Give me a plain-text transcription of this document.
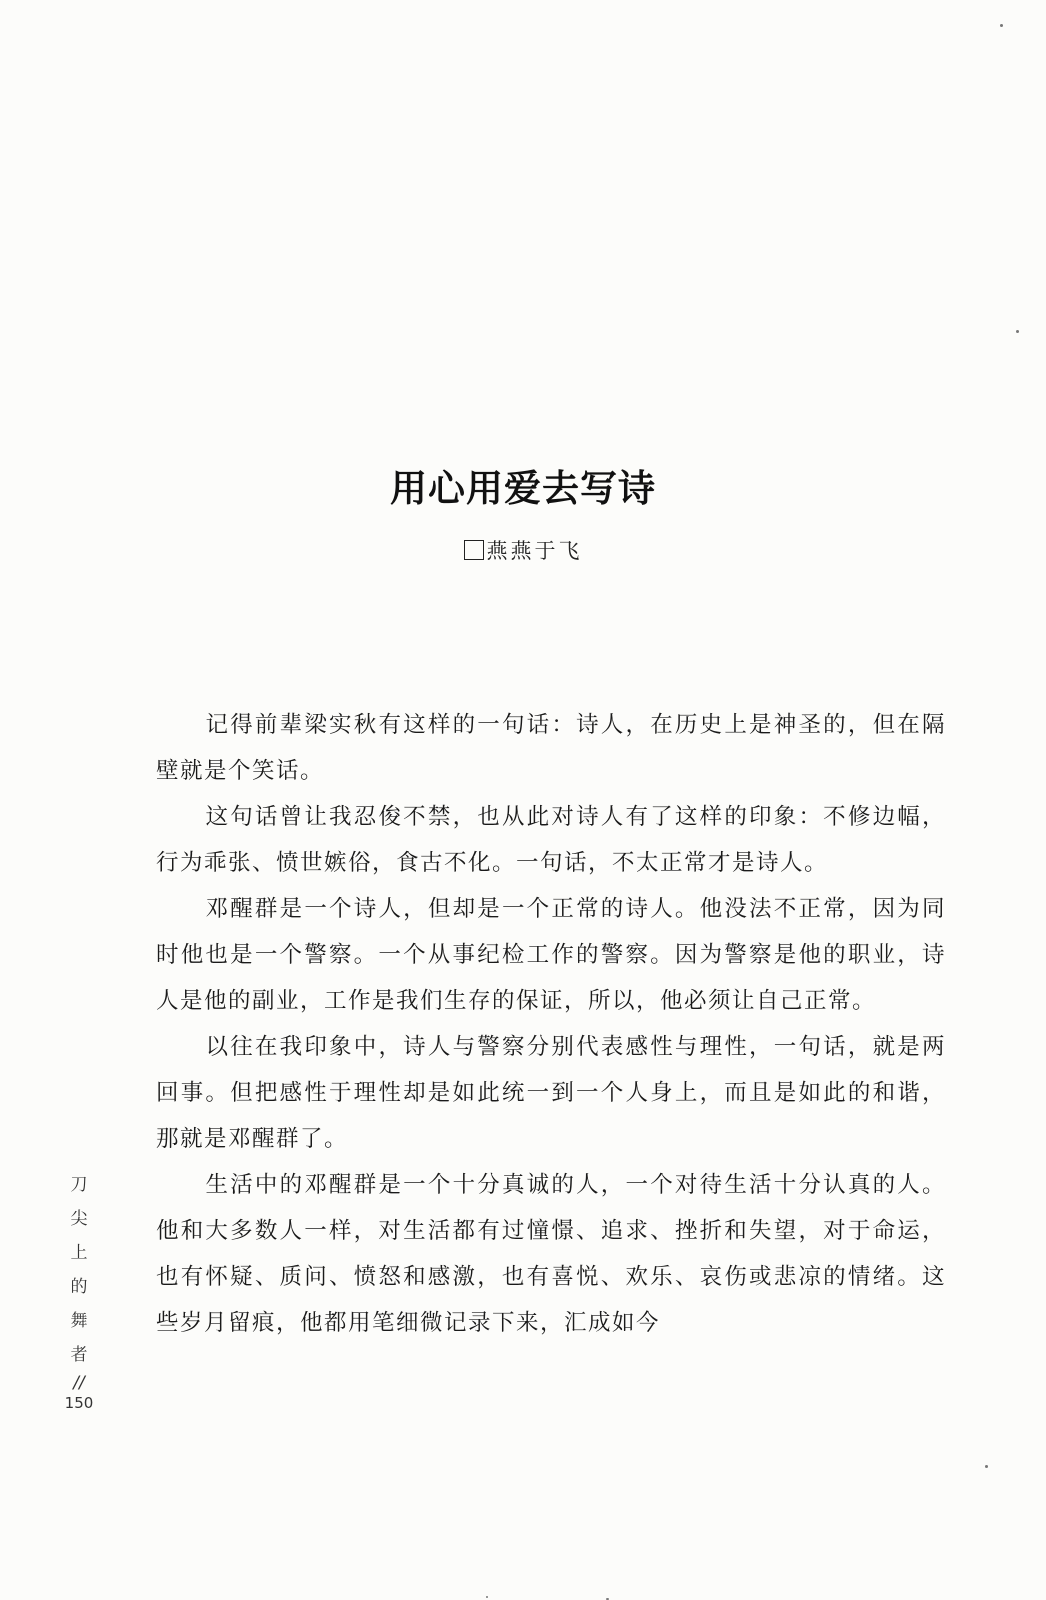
用心用爱去写诗
燕燕于飞

记得前辈梁实秋有这样的一句话：诗人，在历史上是神圣的，但在隔壁就是个笑话。

这句话曾让我忍俊不禁，也从此对诗人有了这样的印象：不修边幅，行为乖张、愤世嫉俗，食古不化。一句话，不太正常才是诗人。

邓醒群是一个诗人，但却是一个正常的诗人。他没法不正常，因为同时他也是一个警察。一个从事纪检工作的警察。因为警察是他的职业，诗人是他的副业，工作是我们生存的保证，所以，他必须让自己正常。

以往在我印象中，诗人与警察分别代表感性与理性，一句话，就是两回事。但把感性于理性却是如此统一到一个人身上，而且是如此的和谐，那就是邓醒群了。

生活中的邓醒群是一个十分真诚的人，一个对待生活十分认真的人。他和大多数人一样，对生活都有过憧憬、追求、挫折和失望，对于命运，也有怀疑、质问、愤怒和感激，也有喜悦、欢乐、哀伤或悲凉的情绪。这些岁月留痕，他都用笔细微记录下来，汇成如今

刀
尖
上
的
舞
者
//
150
